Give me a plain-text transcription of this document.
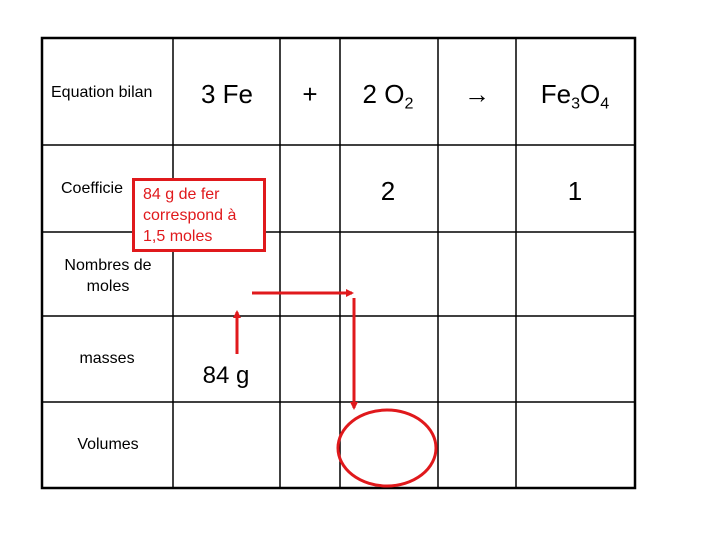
Equation bilan
Coefficie
Nombres de
moles
masses
Volumes
3 Fe + 2 $O_2 \to Fe_3O_4$
2	1
84 g
84 g de fer
correspond à
1,5 moles
